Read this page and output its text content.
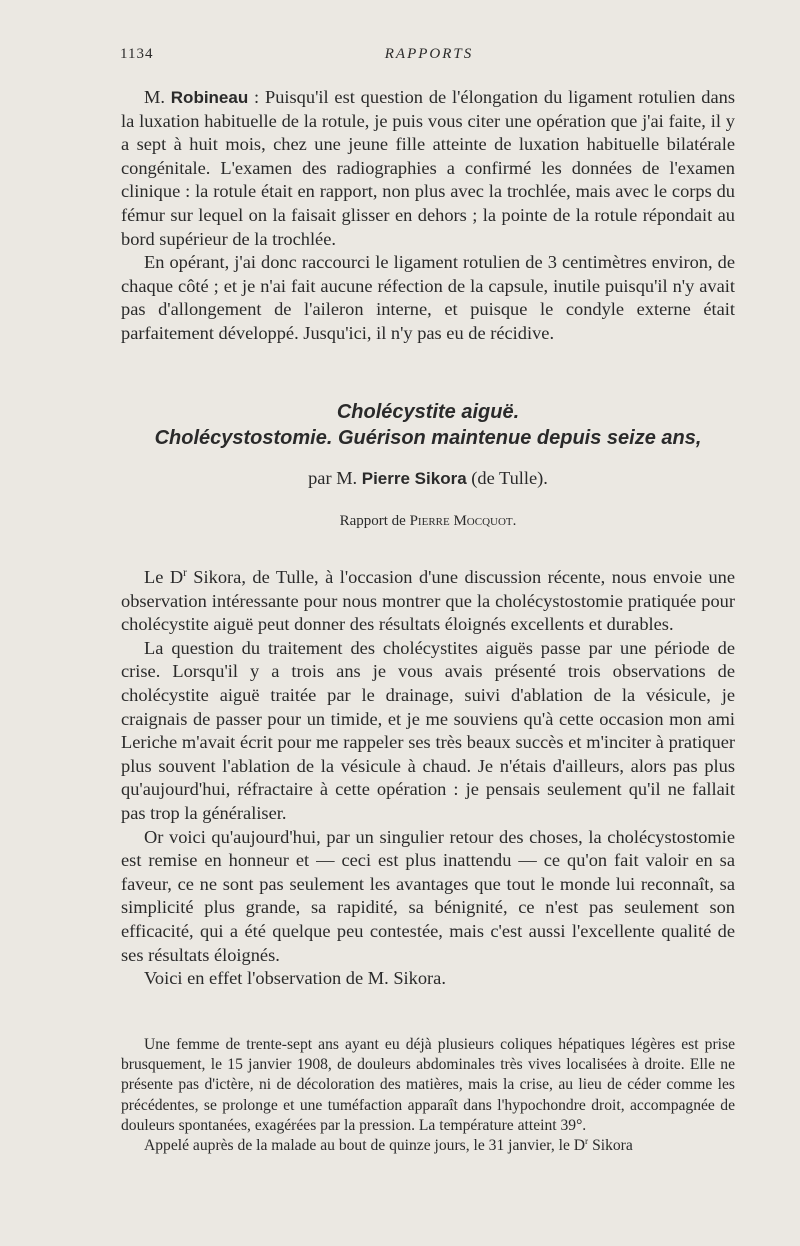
1134	RAPPORTS

M. Robineau : Puisqu'il est question de l'élongation du ligament rotulien dans la luxation habituelle de la rotule, je puis vous citer une opération que j'ai faite, il y a sept à huit mois, chez une jeune fille atteinte de luxation habituelle bilatérale congénitale. L'examen des radiographies a confirmé les données de l'examen clinique : la rotule était en rapport, non plus avec la trochlée, mais avec le corps du fémur sur lequel on la faisait glisser en dehors ; la pointe de la rotule répondait au bord supérieur de la trochlée.

En opérant, j'ai donc raccourci le ligament rotulien de 3 centimètres environ, de chaque côté ; et je n'ai fait aucune réfection de la capsule, inutile puisqu'il n'y avait pas d'allongement de l'aileron interne, et puisque le condyle externe était parfaitement développé. Jusqu'ici, il n'y pas eu de récidive.

Cholécystite aiguë.
Cholécystostomie. Guérison maintenue depuis seize ans,
par M. Pierre Sikora (de Tulle).
Rapport de Pierre Mocquot.

Le $D^r$ Sikora, de Tulle, à l'occasion d'une discussion récente, nous envoie une observation intéressante pour nous montrer que la cholécystostomie pratiquée pour cholécystite aiguë peut donner des résultats éloignés excellents et durables.

La question du traitement des cholécystites aiguës passe par une période de crise. Lorsqu'il y a trois ans je vous avais présenté trois observations de cholécystite aiguë traitée par le drainage, suivi d'ablation de la vésicule, je craignais de passer pour un timide, et je me souviens qu'à cette occasion mon ami Leriche m'avait écrit pour me rappeler ses très beaux succès et m'inciter à pratiquer plus souvent l'ablation de la vésicule à chaud. Je n'étais d'ailleurs, alors pas plus qu'aujourd'hui, réfractaire à cette opération : je pensais seulement qu'il ne fallait pas trop la généraliser.

Or voici qu'aujourd'hui, par un singulier retour des choses, la cholécystostomie est remise en honneur et — ceci est plus inattendu — ce qu'on fait valoir en sa faveur, ce ne sont pas seulement les avantages que tout le monde lui reconnaît, sa simplicité plus grande, sa rapidité, sa bénignité, ce n'est pas seulement son efficacité, qui a été quelque peu contestée, mais c'est aussi l'excellente qualité de ses résultats éloignés.

Voici en effet l'observation de M. Sikora.

Une femme de trente-sept ans ayant eu déjà plusieurs coliques hépatiques légères est prise brusquement, le 15 janvier 1908, de douleurs abdominales très vives localisées à droite. Elle ne présente pas d'ictère, ni de décoloration des matières, mais la crise, au lieu de céder comme les précédentes, se prolonge et une tuméfaction apparaît dans l'hypochondre droit, accompagnée de douleurs spontanées, exagérées par la pression. La température atteint 39°.

Appelé auprès de la malade au bout de quinze jours, le 31 janvier, le $D^r$ Sikora
